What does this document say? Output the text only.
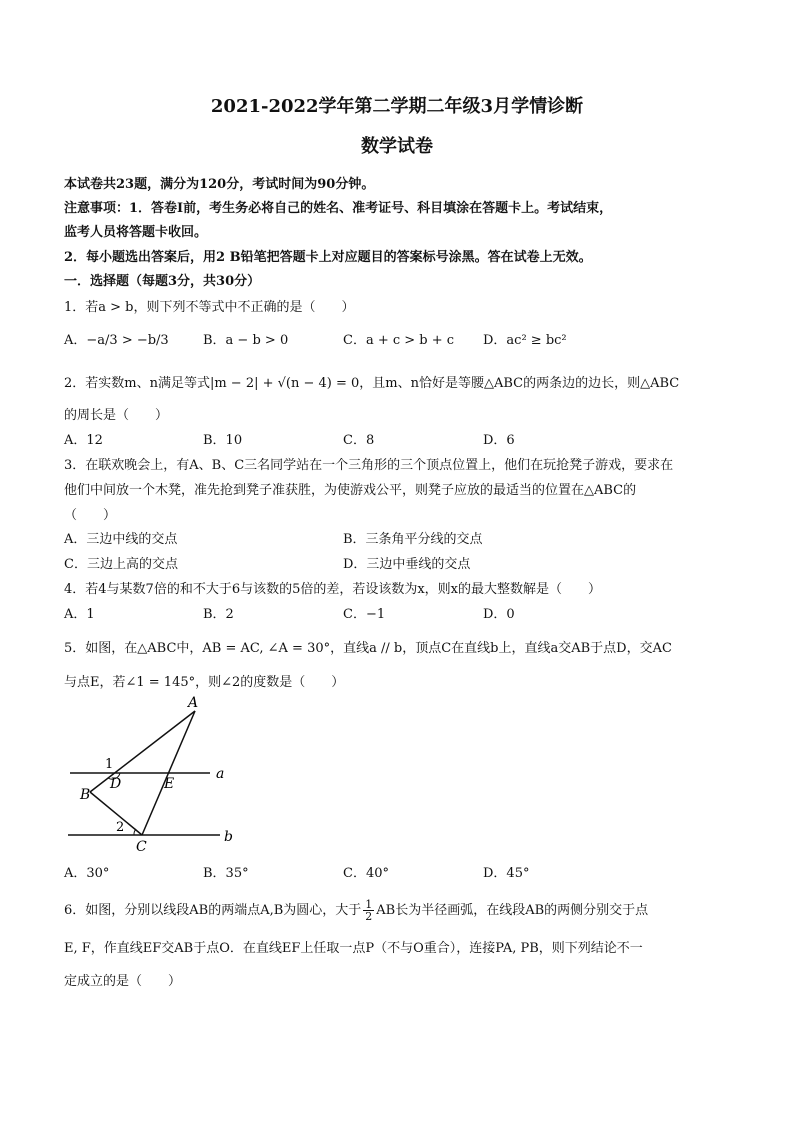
2021-2022学年第二学期二年级3月学情诊断
数学试卷
本试卷共23题，满分为120分，考试时间为90分钟。
注意事项：1．答卷Ⅰ前，考生务必将自己的姓名、准考证号、科目填涂在答题卡上。考试结束，
监考人员将答题卡收回。
2．每小题选出答案后，用2 B铅笔把答题卡上对应题目的答案标号涂黑。答在试卷上无效。
一．选择题（每题3分，共30分）
1．若a > b，则下列不等式中不正确的是（　　）
A．−a/3 > −b/3	B．a − b > 0	C．a + c > b + c D．ac² ≥ bc²
2．若实数m、n满足等式|m − 2| + √(n − 4) = 0，且m、n恰好是等腰△ABC的两条边的边长，则△ABC
的周长是（　　）
A．12	B．10	C．8	D．6
3．在联欢晚会上，有A、B、C三名同学站在一个三角形的三个顶点位置上，他们在玩抢凳子游戏，要求在
他们中间放一个木凳，准先抢到凳子准获胜，为使游戏公平，则凳子应放的最适当的位置在△ABC的
（　　）
A．三边中线的交点	B．三条角平分线的交点
C．三边上高的交点	D．三边中垂线的交点
4．若4与某数7倍的和不大于6与该数的5倍的差，若设该数为x，则x的最大整数解是（　　）
A．1	B．2	C．−1	D．0
5．如图，在△ABC中，AB = AC, ∠A = 30°，直线a // b，顶点C在直线b上，直线a交AB于点D，交AC
与点E，若∠1 = 145°，则∠2的度数是（　　）
A
B
C
D	E
1
2
a
b
A．30°	B．35°	C．40°	D．45°
6．如图，分别以线段AB的两端点A,B为圆心，大于 $\frac{1}{2}$ AB长为半径画弧，在线段AB的两侧分别交于点
E, F，作直线EF交AB于点O．在直线EF上任取一点P（不与O重合），连接PA, PB，则下列结论不一
定成立的是（　　）
